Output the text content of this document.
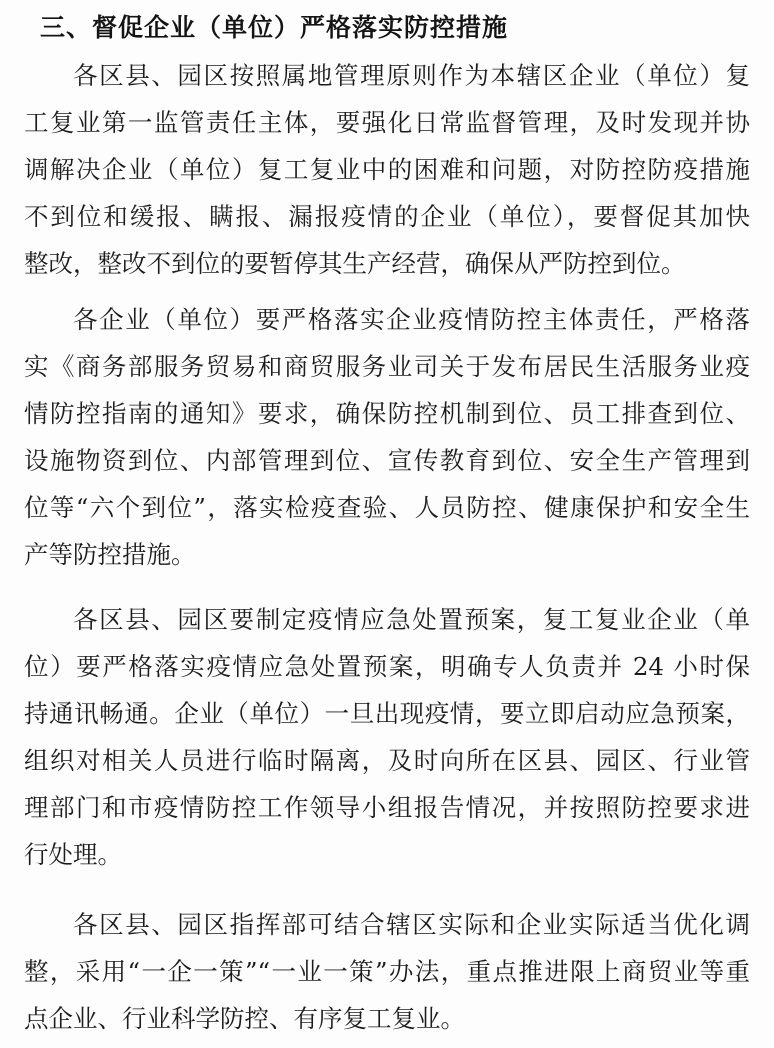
三、督促企业（单位）严格落实防控措施
各区县、园区按照属地管理原则作为本辖区企业（单位）复
工复业第一监管责任主体，要强化日常监督管理，及时发现并协
调解决企业（单位）复工复业中的困难和问题，对防控防疫措施
不到位和缓报、瞒报、漏报疫情的企业（单位），要督促其加快
整改，整改不到位的要暂停其生产经营，确保从严防控到位。
各企业（单位）要严格落实企业疫情防控主体责任，严格落
实《商务部服务贸易和商贸服务业司关于发布居民生活服务业疫
情防控指南的通知》要求，确保防控机制到位、员工排查到位、
设施物资到位、内部管理到位、宣传教育到位、安全生产管理到
位等“六个到位”，落实检疫查验、人员防控、健康保护和安全生
产等防控措施。
各区县、园区要制定疫情应急处置预案，复工复业企业（单
位）要严格落实疫情应急处置预案，明确专人负责并 24 小时保
持通讯畅通。企业（单位）一旦出现疫情，要立即启动应急预案，
组织对相关人员进行临时隔离，及时向所在区县、园区、行业管
理部门和市疫情防控工作领导小组报告情况，并按照防控要求进
行处理。
各区县、园区指挥部可结合辖区实际和企业实际适当优化调
整，采用“一企一策”“一业一策”办法，重点推进限上商贸业等重
点企业、行业科学防控、有序复工复业。
